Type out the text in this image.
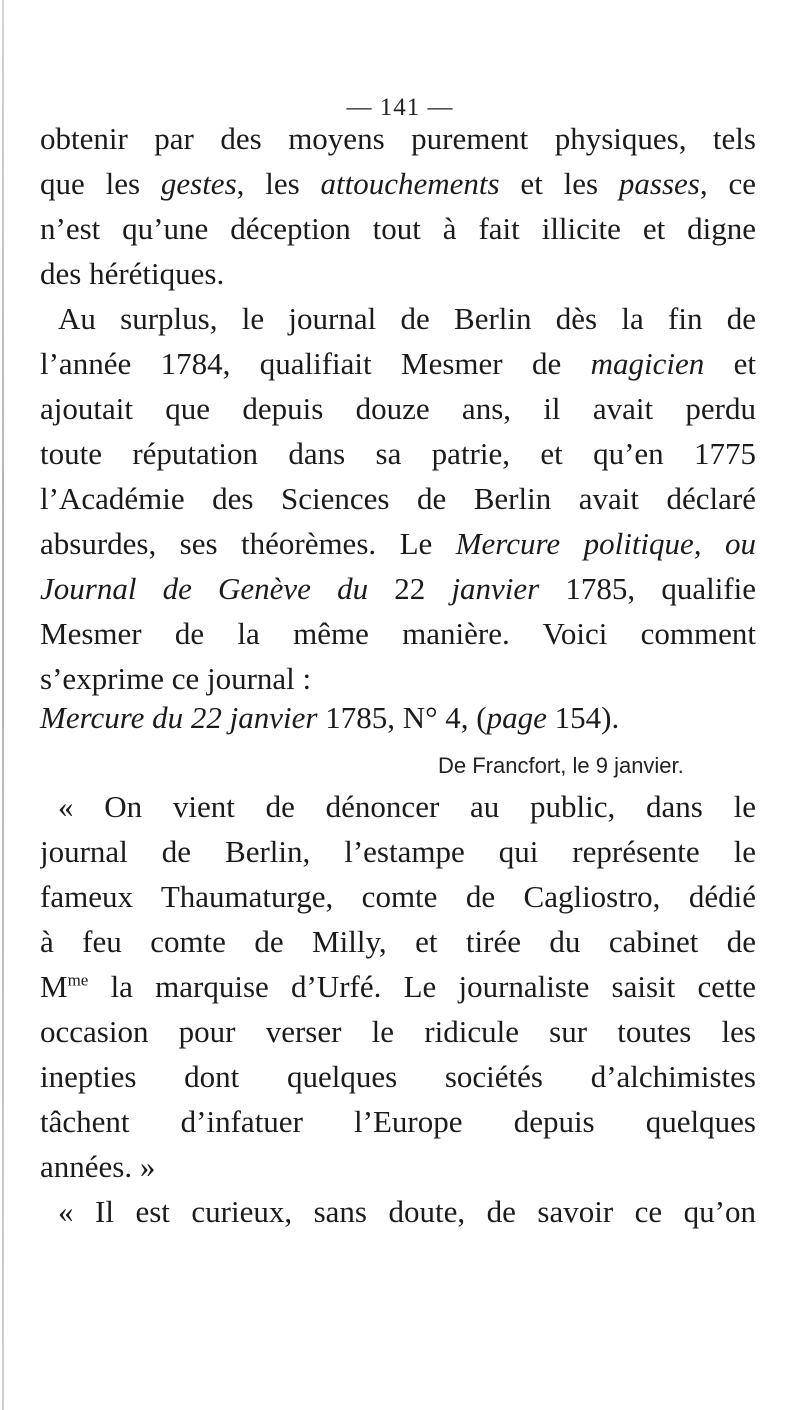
— 141 —
obtenir par des moyens purement physiques, tels
que les gestes, les attouchements et les passes, ce
n’est qu’une déception tout à fait illicite et digne
des hérétiques.
Au surplus, le journal de Berlin dès la fin de
l’année 1784, qualifiait Mesmer de magicien et
ajoutait que depuis douze ans, il avait perdu
toute réputation dans sa patrie, et qu’en 1775
l’Académie des Sciences de Berlin avait déclaré
absurdes, ses théorèmes. Le Mercure politique, ou
Journal de Genève du 22 janvier 1785, qualifie
Mesmer de la même manière. Voici comment
s’exprime ce journal :
Mercure du 22 janvier 1785, N° 4, (page 154).
De Francfort, le 9 janvier.
« On vient de dénoncer au public, dans le
journal de Berlin, l’estampe qui représente le
fameux Thaumaturge, comte de Cagliostro, dédié
à feu comte de Milly, et tirée du cabinet de
$M^{me}$ la marquise d’Urfé. Le journaliste saisit cette
occasion pour verser le ridicule sur toutes les
inepties dont quelques sociétés d’alchimistes
tâchent d’infatuer l’Europe depuis quelques
années. »
« Il est curieux, sans doute, de savoir ce qu’on
